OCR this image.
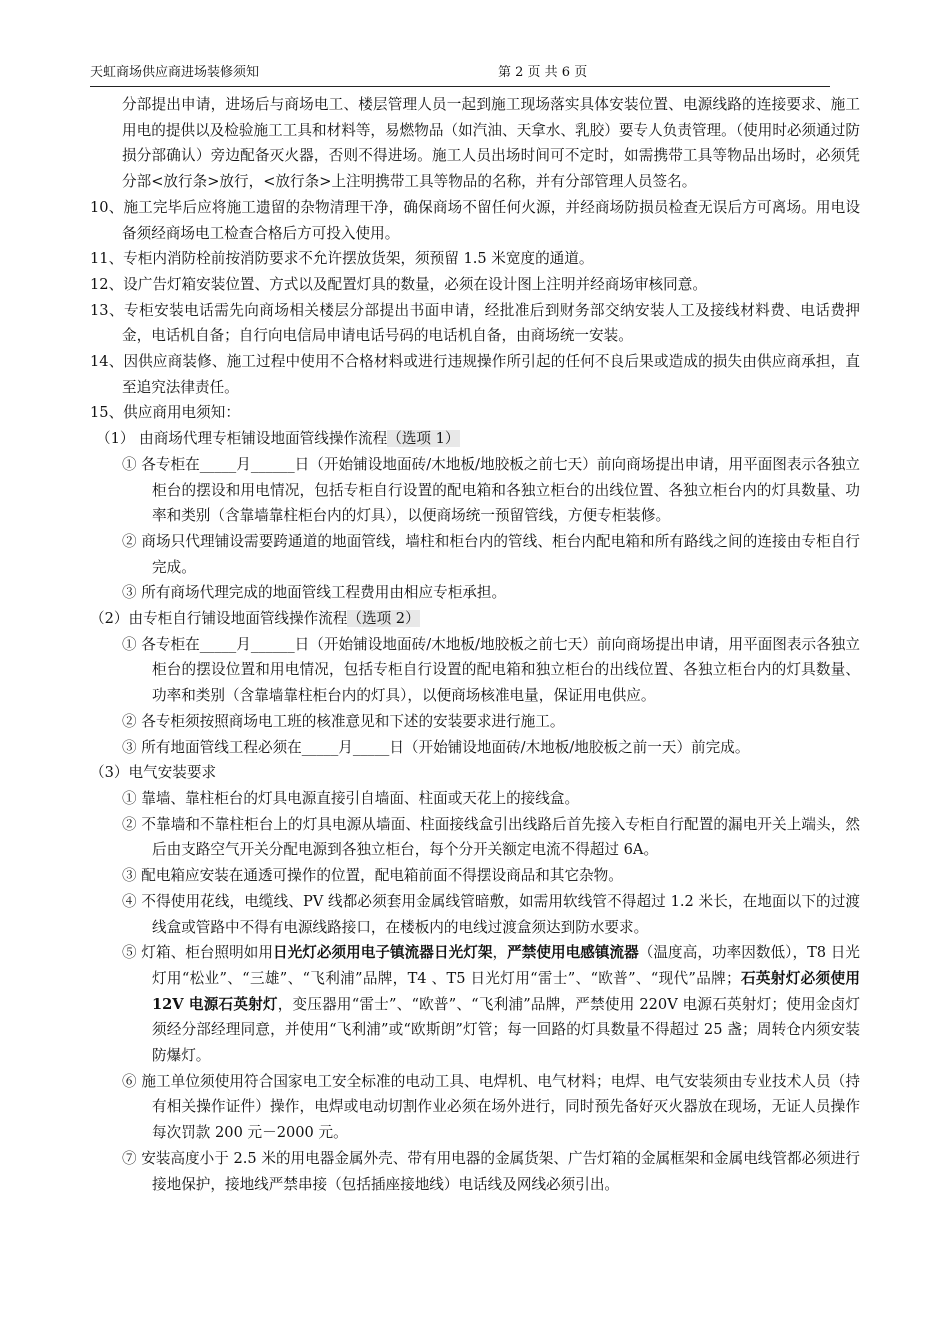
天虹商场供应商进场装修须知	第 2 页 共 6 页

分部提出申请，进场后与商场电工、楼层管理人员一起到施工现场落实具体安装位置、电源线路的连接要求、施工用电的提供以及检验施工工具和材料等，易燃物品（如汽油、天拿水、乳胶）要专人负责管理。（使用时必须通过防损分部确认）旁边配备灭火器，否则不得进场。施工人员出场时间可不定时，如需携带工具等物品出场时，必须凭分部<放行条>放行，<放行条>上注明携带工具等物品的名称，并有分部管理人员签名。

10、施工完毕后应将施工遗留的杂物清理干净，确保商场不留任何火源，并经商场防损员检查无误后方可离场。用电设备须经商场电工检查合格后方可投入使用。

11、专柜内消防栓前按消防要求不允许摆放货架，须预留 1.5 米宽度的通道。

12、设广告灯箱安装位置、方式以及配置灯具的数量，必须在设计图上注明并经商场审核同意。

13、专柜安装电话需先向商场相关楼层分部提出书面申请，经批准后到财务部交纳安装人工及接线材料费、电话费押金，电话机自备；自行向电信局申请电话号码的电话机自备，由商场统一安装。

14、因供应商装修、施工过程中使用不合格材料或进行违规操作所引起的任何不良后果或造成的损失由供应商承担，直至追究法律责任。

15、供应商用电须知：

（1） 由商场代理专柜铺设地面管线操作流程（选项 1）

① 各专柜在_____月______日（开始铺设地面砖/木地板/地胶板之前七天）前向商场提出申请，用平面图表示各独立柜台的摆设和用电情况，包括专柜自行设置的配电箱和各独立柜台的出线位置、各独立柜台内的灯具数量、功率和类别（含靠墙靠柱柜台内的灯具），以便商场统一预留管线，方便专柜装修。

② 商场只代理铺设需要跨通道的地面管线，墙柱和柜台内的管线、柜台内配电箱和所有路线之间的连接由专柜自行完成。

③ 所有商场代理完成的地面管线工程费用由相应专柜承担。

（2）由专柜自行铺设地面管线操作流程（选项 2）

① 各专柜在_____月______日（开始铺设地面砖/木地板/地胶板之前七天）前向商场提出申请，用平面图表示各独立柜台的摆设位置和用电情况，包括专柜自行设置的配电箱和独立柜台的出线位置、各独立柜台内的灯具数量、功率和类别（含靠墙靠柱柜台内的灯具），以便商场核准电量，保证用电供应。

② 各专柜须按照商场电工班的核准意见和下述的安装要求进行施工。

③ 所有地面管线工程必须在_____月_____日（开始铺设地面砖/木地板/地胶板之前一天）前完成。

（3）电气安装要求

① 靠墙、靠柱柜台的灯具电源直接引自墙面、柱面或天花上的接线盒。

② 不靠墙和不靠柱柜台上的灯具电源从墙面、柱面接线盒引出线路后首先接入专柜自行配置的漏电开关上端头，然后由支路空气开关分配电源到各独立柜台，每个分开关额定电流不得超过 6A。

③ 配电箱应安装在通透可操作的位置，配电箱前面不得摆设商品和其它杂物。

④ 不得使用花线，电缆线、PV 线都必须套用金属线管暗敷，如需用软线管不得超过 1.2 米长，在地面以下的过渡线盒或管路中不得有电源线路接口，在楼板内的电线过渡盒须达到防水要求。

⑤ 灯箱、柜台照明如用日光灯必须用电子镇流器日光灯架，严禁使用电感镇流器（温度高，功率因数低），T8 日光灯用“松业”、“三雄”、“飞利浦”品牌，T4 、T5 日光灯用“雷士”、“欧普”、“现代”品牌；石英射灯必须使用 12V 电源石英射灯，变压器用“雷士”、“欧普”、“飞利浦”品牌，严禁使用 220V 电源石英射灯；使用金卤灯须经分部经理同意，并使用“飞利浦”或“欧斯朗”灯管；每一回路的灯具数量不得超过 25 盏；周转仓内须安装防爆灯。

⑥ 施工单位须使用符合国家电工安全标准的电动工具、电焊机、电气材料；电焊、电气安装须由专业技术人员（持有相关操作证件）操作，电焊或电动切割作业必须在场外进行，同时预先备好灭火器放在现场，无证人员操作每次罚款 200 元－2000 元。

⑦ 安装高度小于 2.5 米的用电器金属外壳、带有用电器的金属货架、广告灯箱的金属框架和金属电线管都必须进行接地保护，接地线严禁串接（包括插座接地线）电话线及网线必须引出。
